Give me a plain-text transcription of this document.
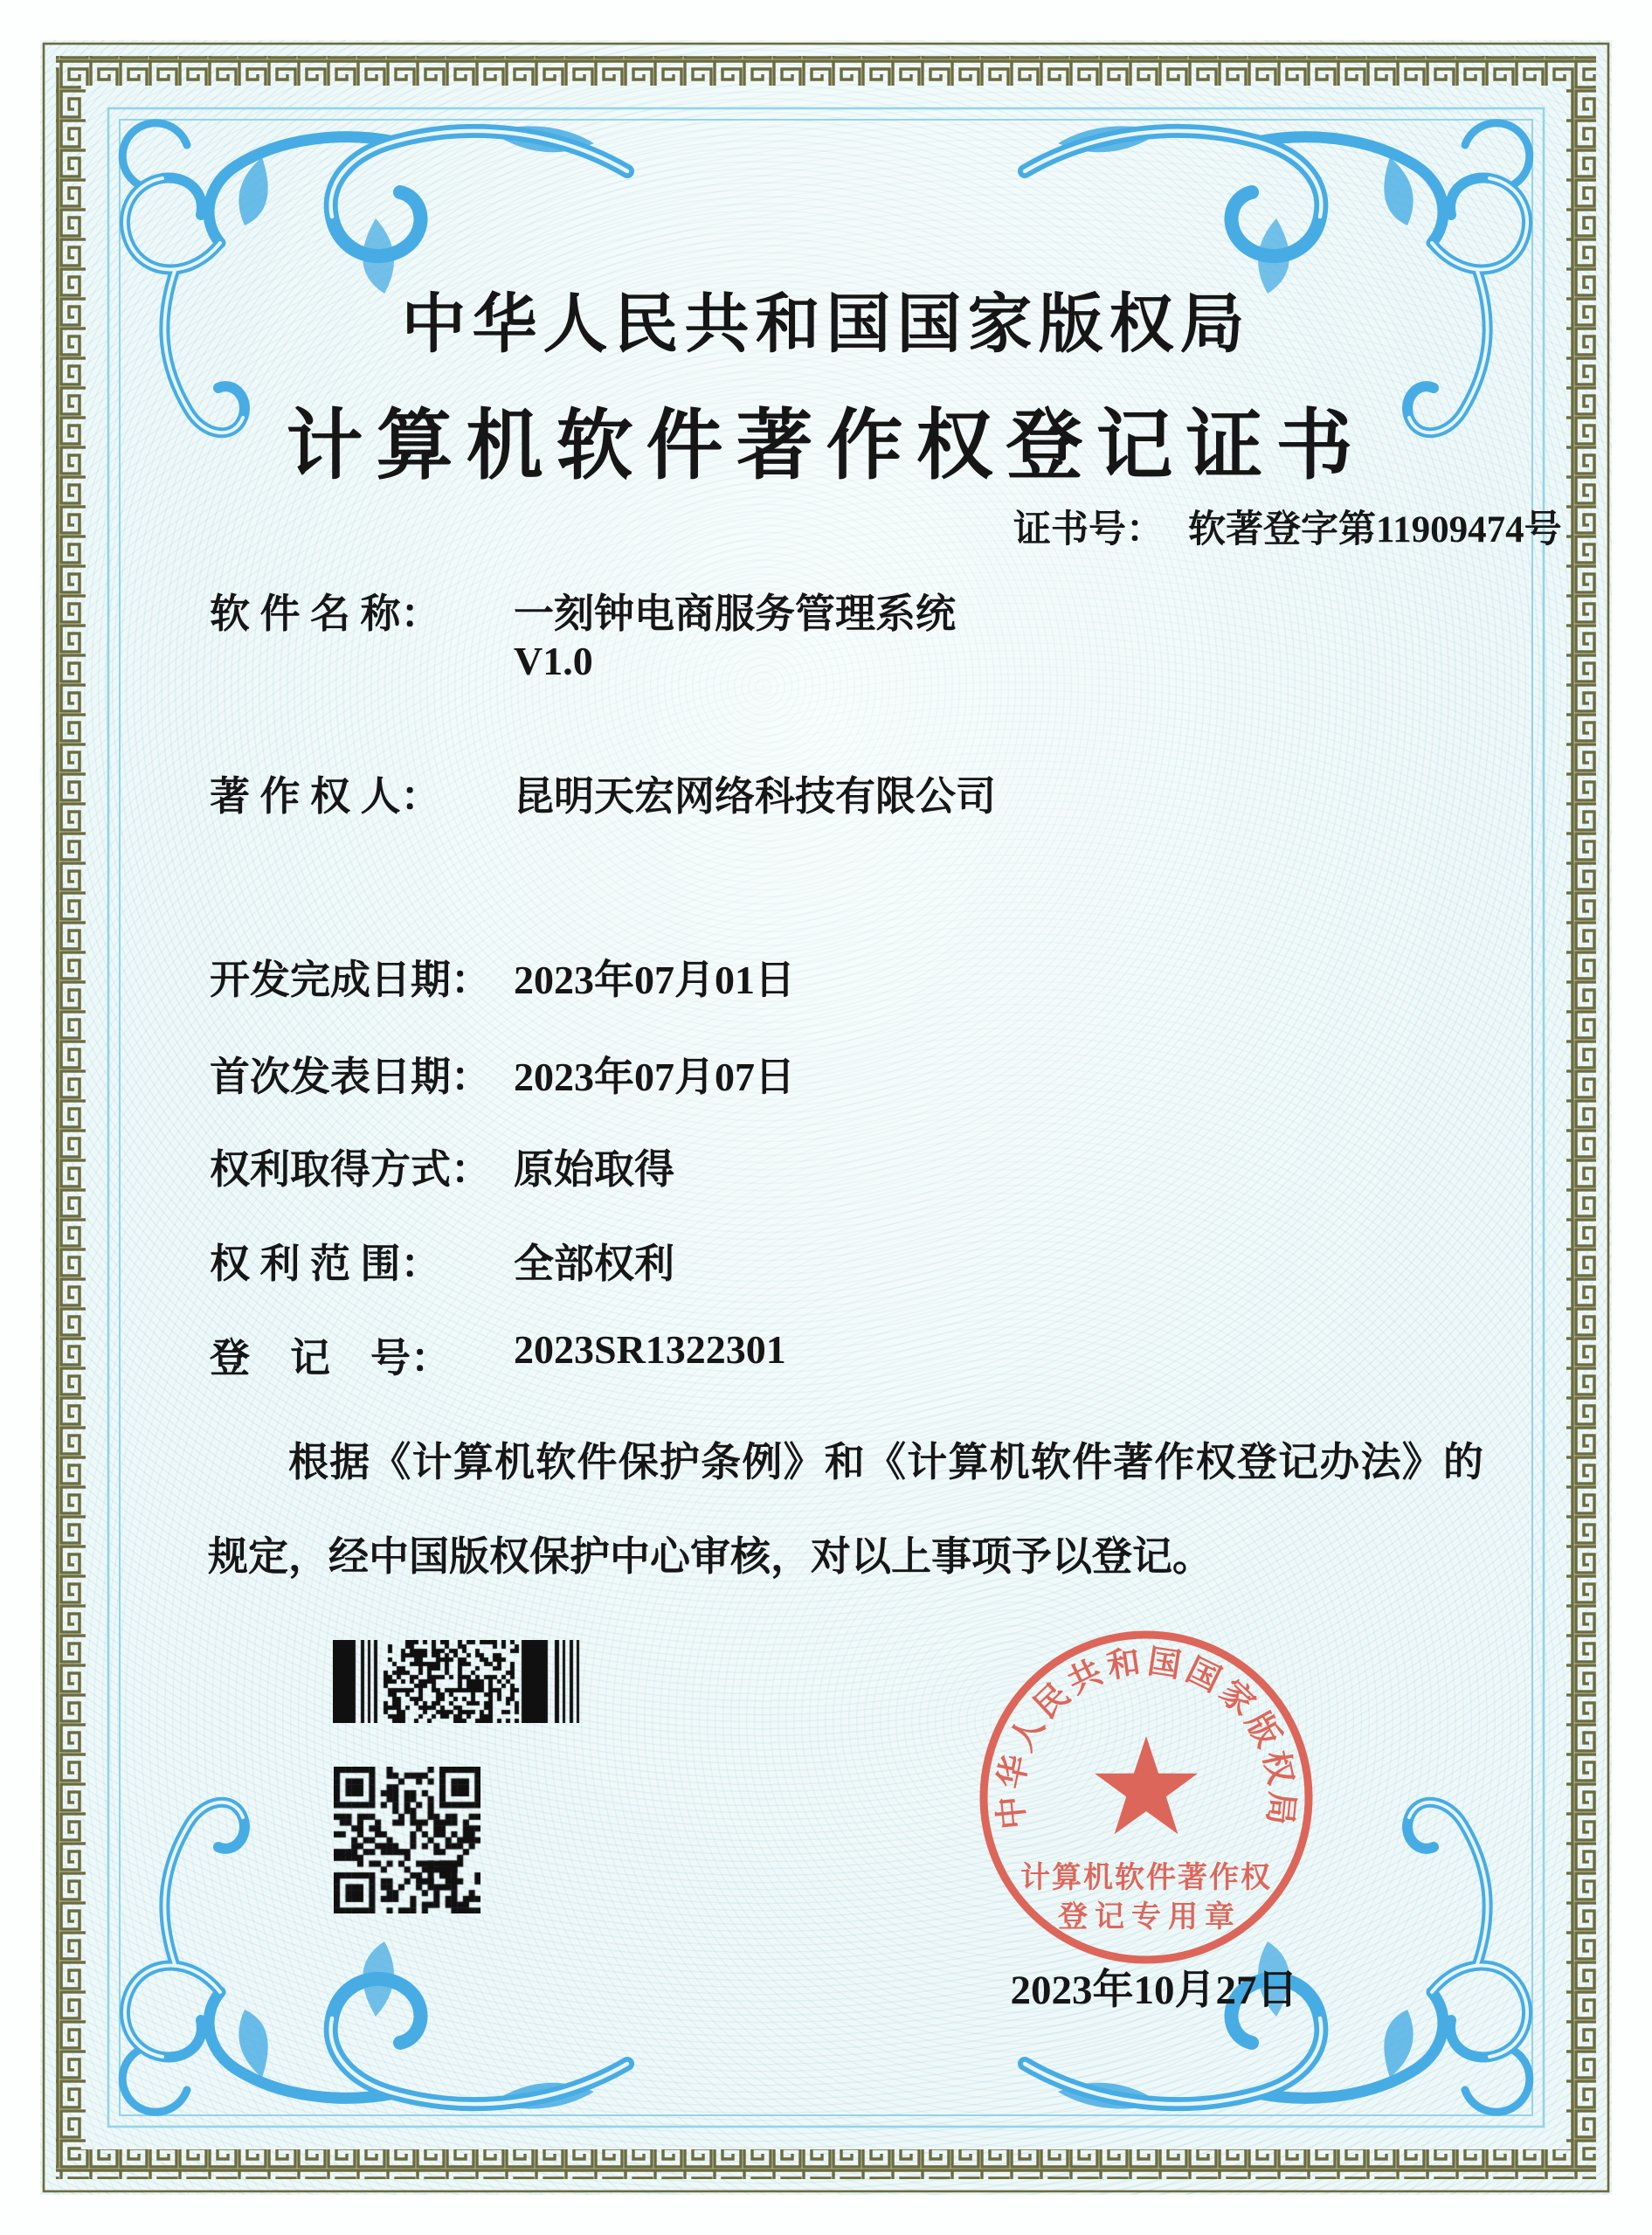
中华人民共和国国家版权局
计算机软件著作权登记证书
证书号： 软著登字第11909474号
软 件 名 称： 一刻钟电商服务管理系统
V1.0
著 作 权 人： 昆明天宏网络科技有限公司
开发完成日期： 2023年07月01日
首次发表日期： 2023年07月07日
权利取得方式： 原始取得
权 利 范 围： 全部权利
登　记　号： 2023SR1322301

根据《计算机软件保护条例》和《计算机软件著作权登记办法》的规定，经中国版权保护中心审核，对以上事项予以登记。

中华人民共和国国家版权局
计算机软件著作权
登记专用章
2023年10月27日
